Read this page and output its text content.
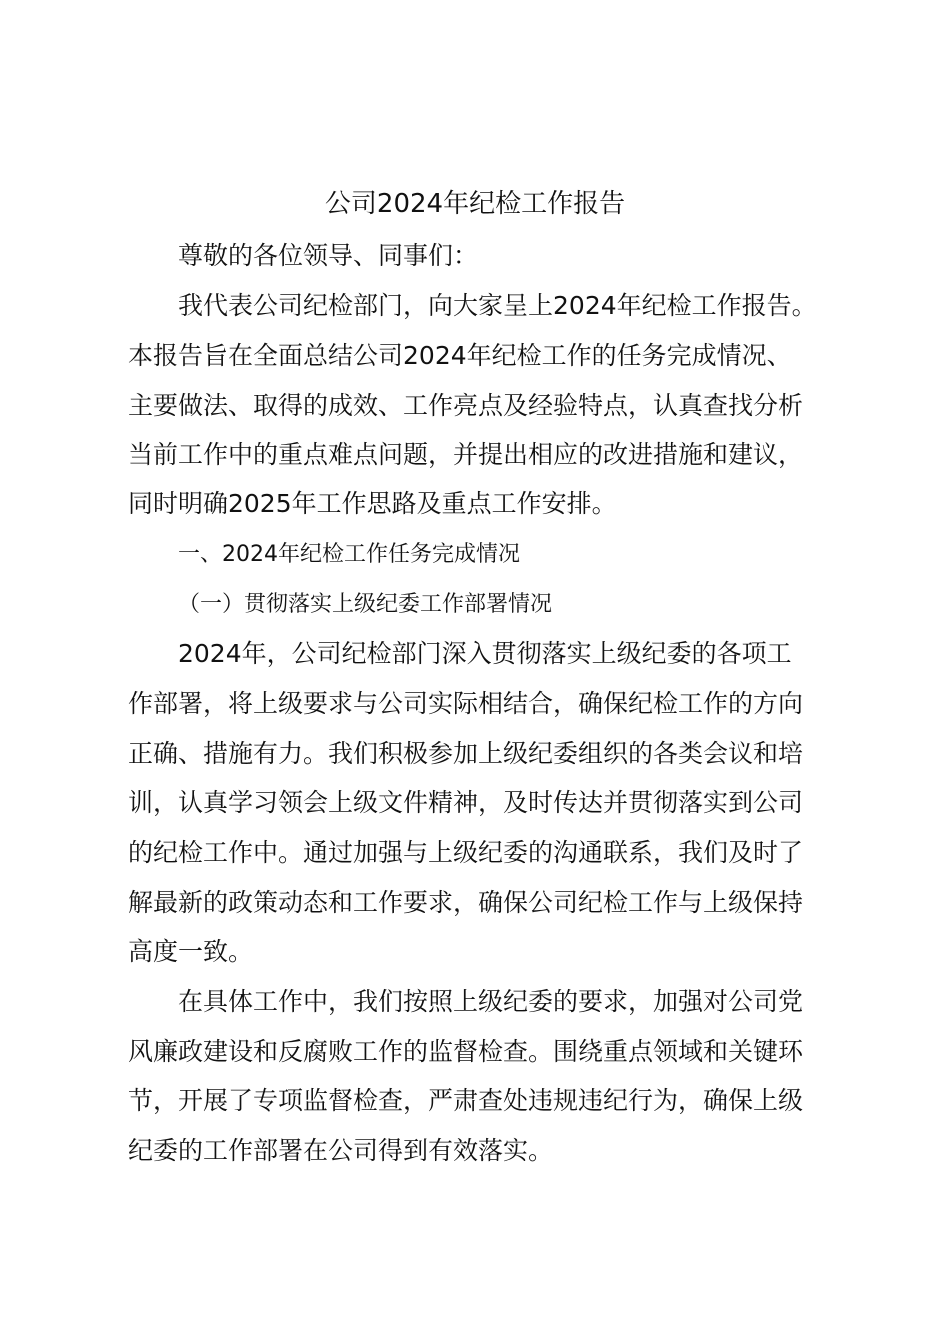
公司2024年纪检工作报告

尊敬的各位领导、同事们：

我代表公司纪检部门，向大家呈上2024年纪检工作报告。

本报告旨在全面总结公司2024年纪检工作的任务完成情况、

主要做法、取得的成效、工作亮点及经验特点，认真查找分析

当前工作中的重点难点问题，并提出相应的改进措施和建议，

同时明确2025年工作思路及重点工作安排。

一、2024年纪检工作任务完成情况

（一）贯彻落实上级纪委工作部署情况

2024年，公司纪检部门深入贯彻落实上级纪委的各项工

作部署，将上级要求与公司实际相结合，确保纪检工作的方向

正确、措施有力。我们积极参加上级纪委组织的各类会议和培

训，认真学习领会上级文件精神，及时传达并贯彻落实到公司

的纪检工作中。通过加强与上级纪委的沟通联系，我们及时了

解最新的政策动态和工作要求，确保公司纪检工作与上级保持

高度一致。

在具体工作中，我们按照上级纪委的要求，加强对公司党

风廉政建设和反腐败工作的监督检查。围绕重点领域和关键环

节，开展了专项监督检查，严肃查处违规违纪行为，确保上级

纪委的工作部署在公司得到有效落实。
